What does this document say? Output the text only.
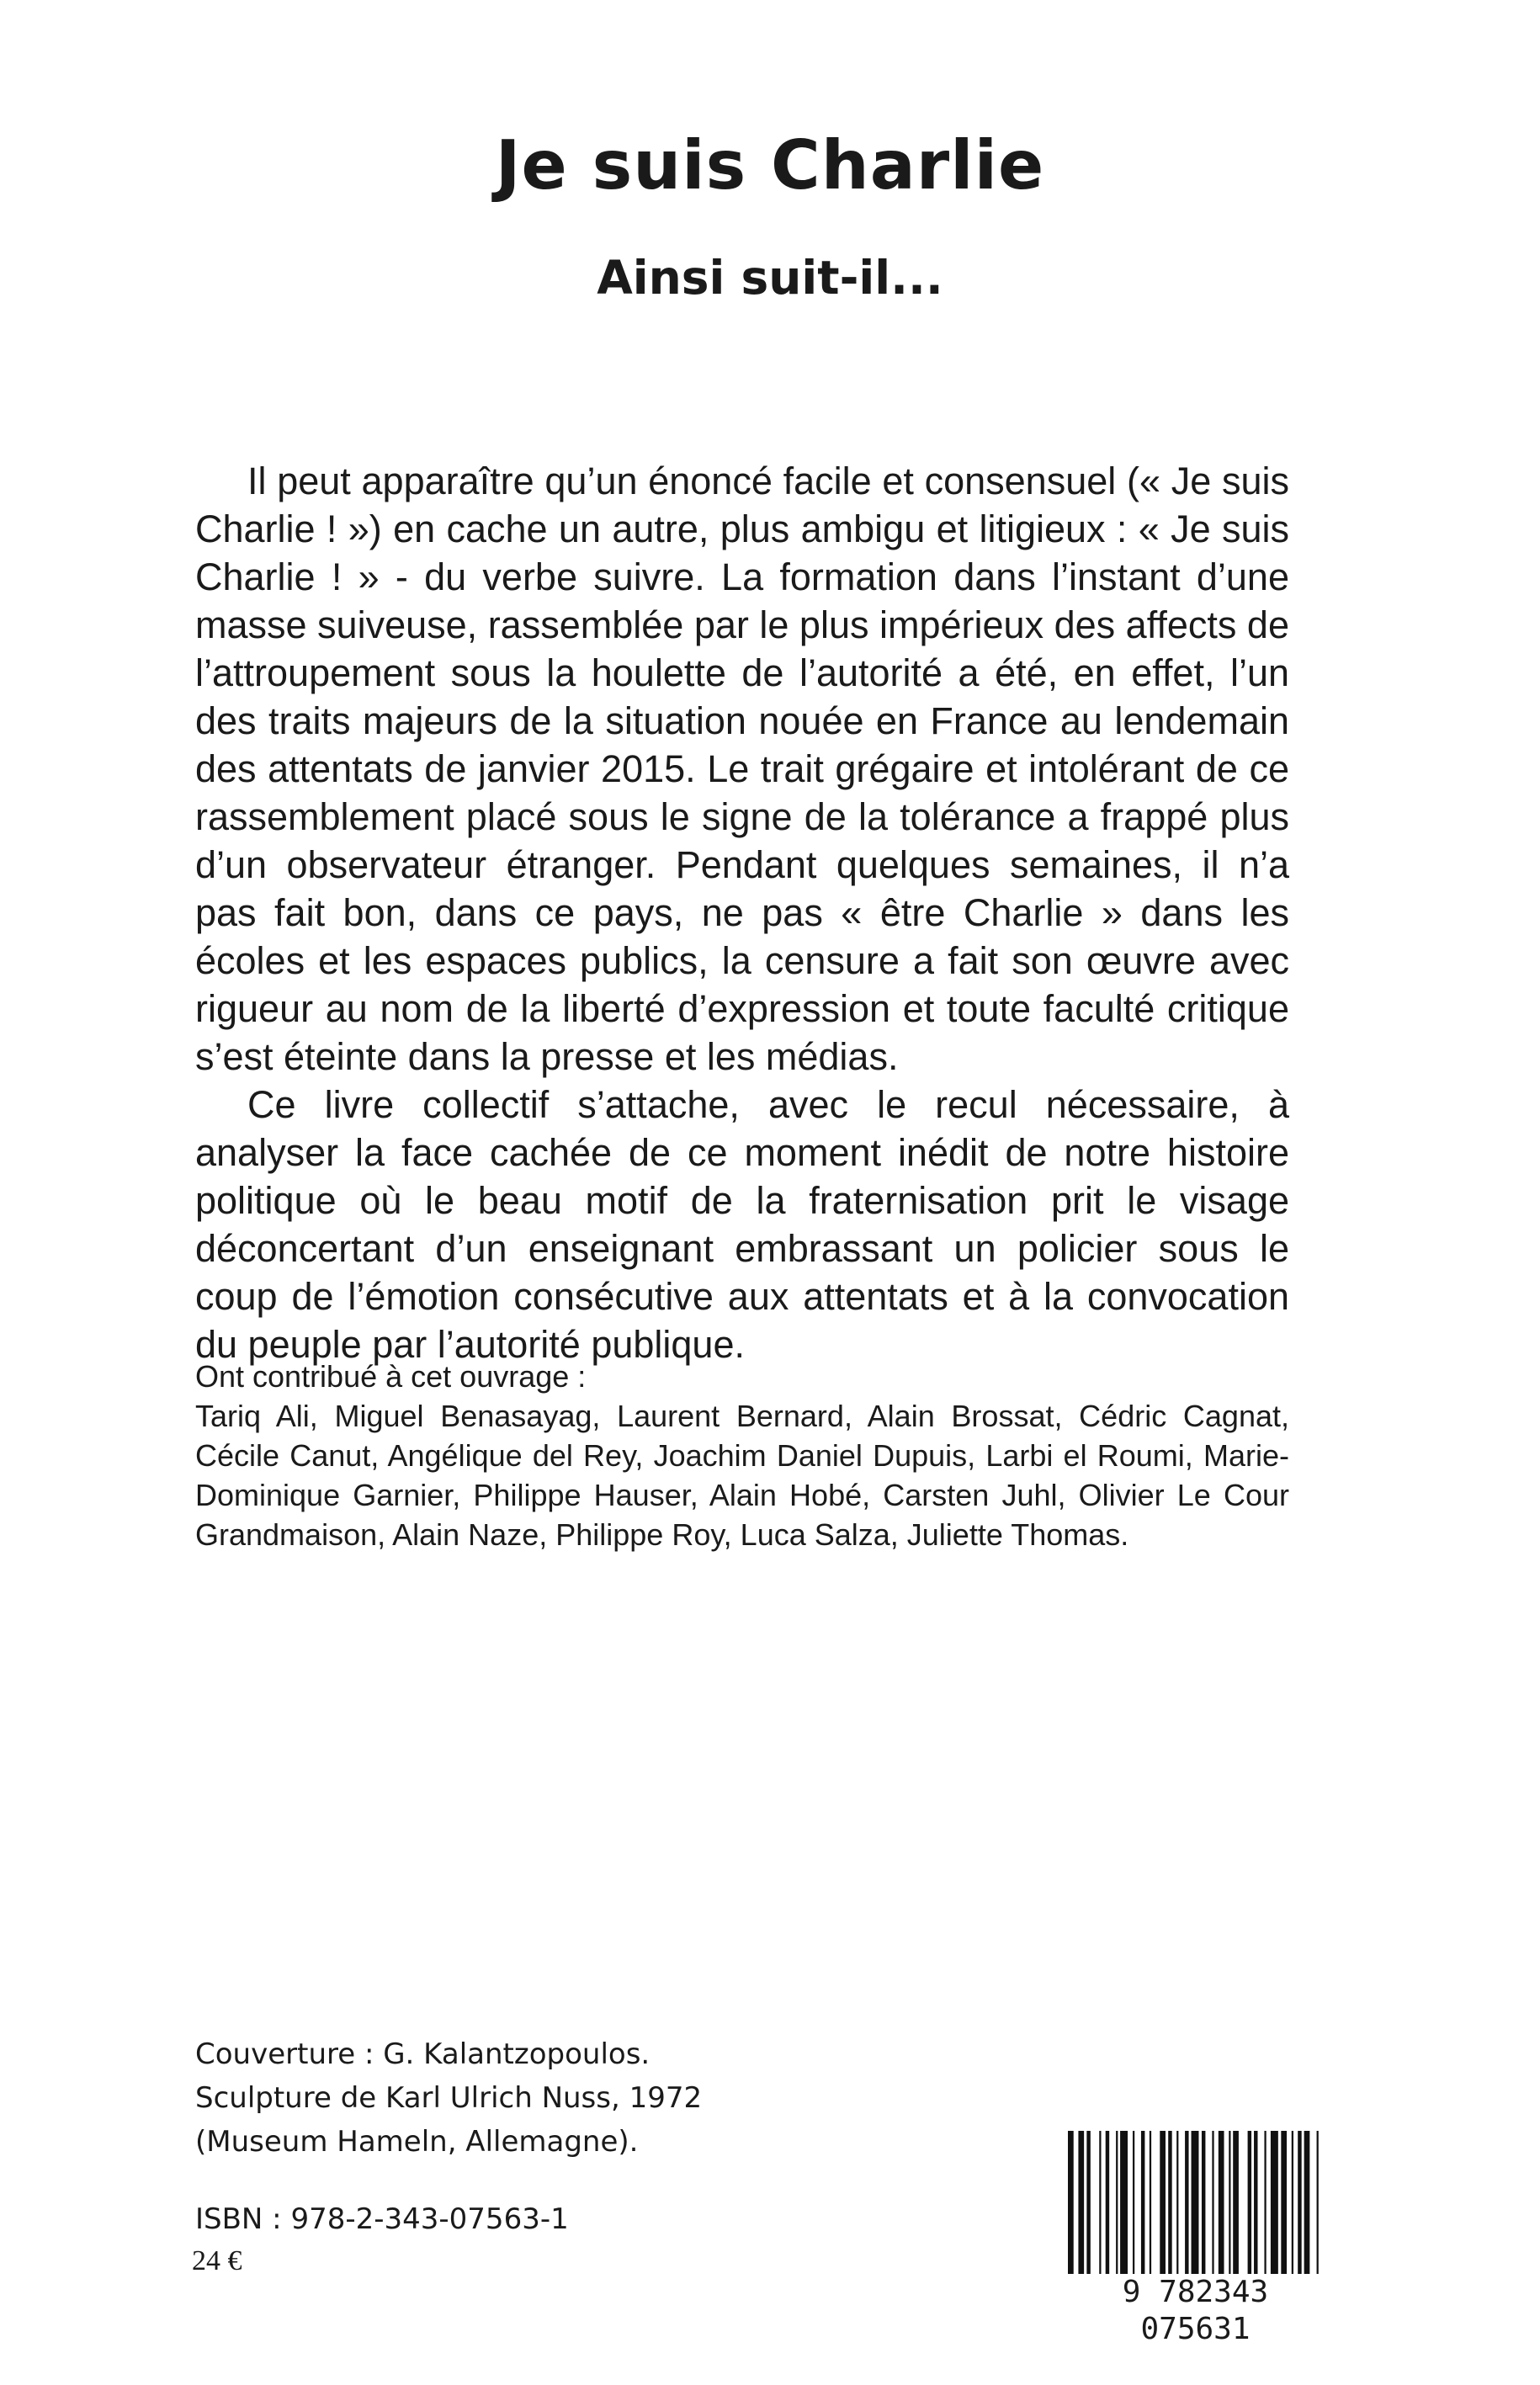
Je suis Charlie
Ainsi suit-il...

Il peut apparaître qu’un énoncé facile et consensuel (« Je suis Charlie ! ») en cache un autre, plus ambigu et litigieux : « Je suis Charlie ! » - du verbe suivre. La formation dans l’instant d’une masse suiveuse, rassemblée par le plus impérieux des affects de l’attroupement sous la houlette de l’autorité a été, en effet, l’un des traits majeurs de la situation nouée en France au lendemain des attentats de janvier 2015. Le trait grégaire et intolérant de ce rassemblement placé sous le signe de la tolérance a frappé plus d’un observateur étranger. Pendant quelques semaines, il n’a pas fait bon, dans ce pays, ne pas « être Charlie » dans les écoles et les espaces publics, la censure a fait son œuvre avec rigueur au nom de la liberté d’expression et toute faculté critique s’est éteinte dans la presse et les médias.

Ce livre collectif s’attache, avec le recul nécessaire, à analyser la face cachée de ce moment inédit de notre histoire politique où le beau motif de la fraternisation prit le visage déconcertant d’un enseignant embrassant un policier sous le coup de l’émotion consécutive aux attentats et à la convocation du peuple par l’autorité publique.

Ont contribué à cet ouvrage :

Tariq Ali, Miguel Benasayag, Laurent Bernard, Alain Brossat, Cédric Cagnat, Cécile Canut, Angélique del Rey, Joachim Daniel Dupuis, Larbi el Roumi, Marie-Dominique Garnier, Philippe Hauser, Alain Hobé, Carsten Juhl, Olivier Le Cour Grandmaison, Alain Naze, Philippe Roy, Luca Salza, Juliette Thomas.

Couverture : G. Kalantzopoulos.
Sculpture de Karl Ulrich Nuss, 1972
(Museum Hameln, Allemagne).
ISBN : 978-2-343-07563-1
24 €
9 782343 075631
